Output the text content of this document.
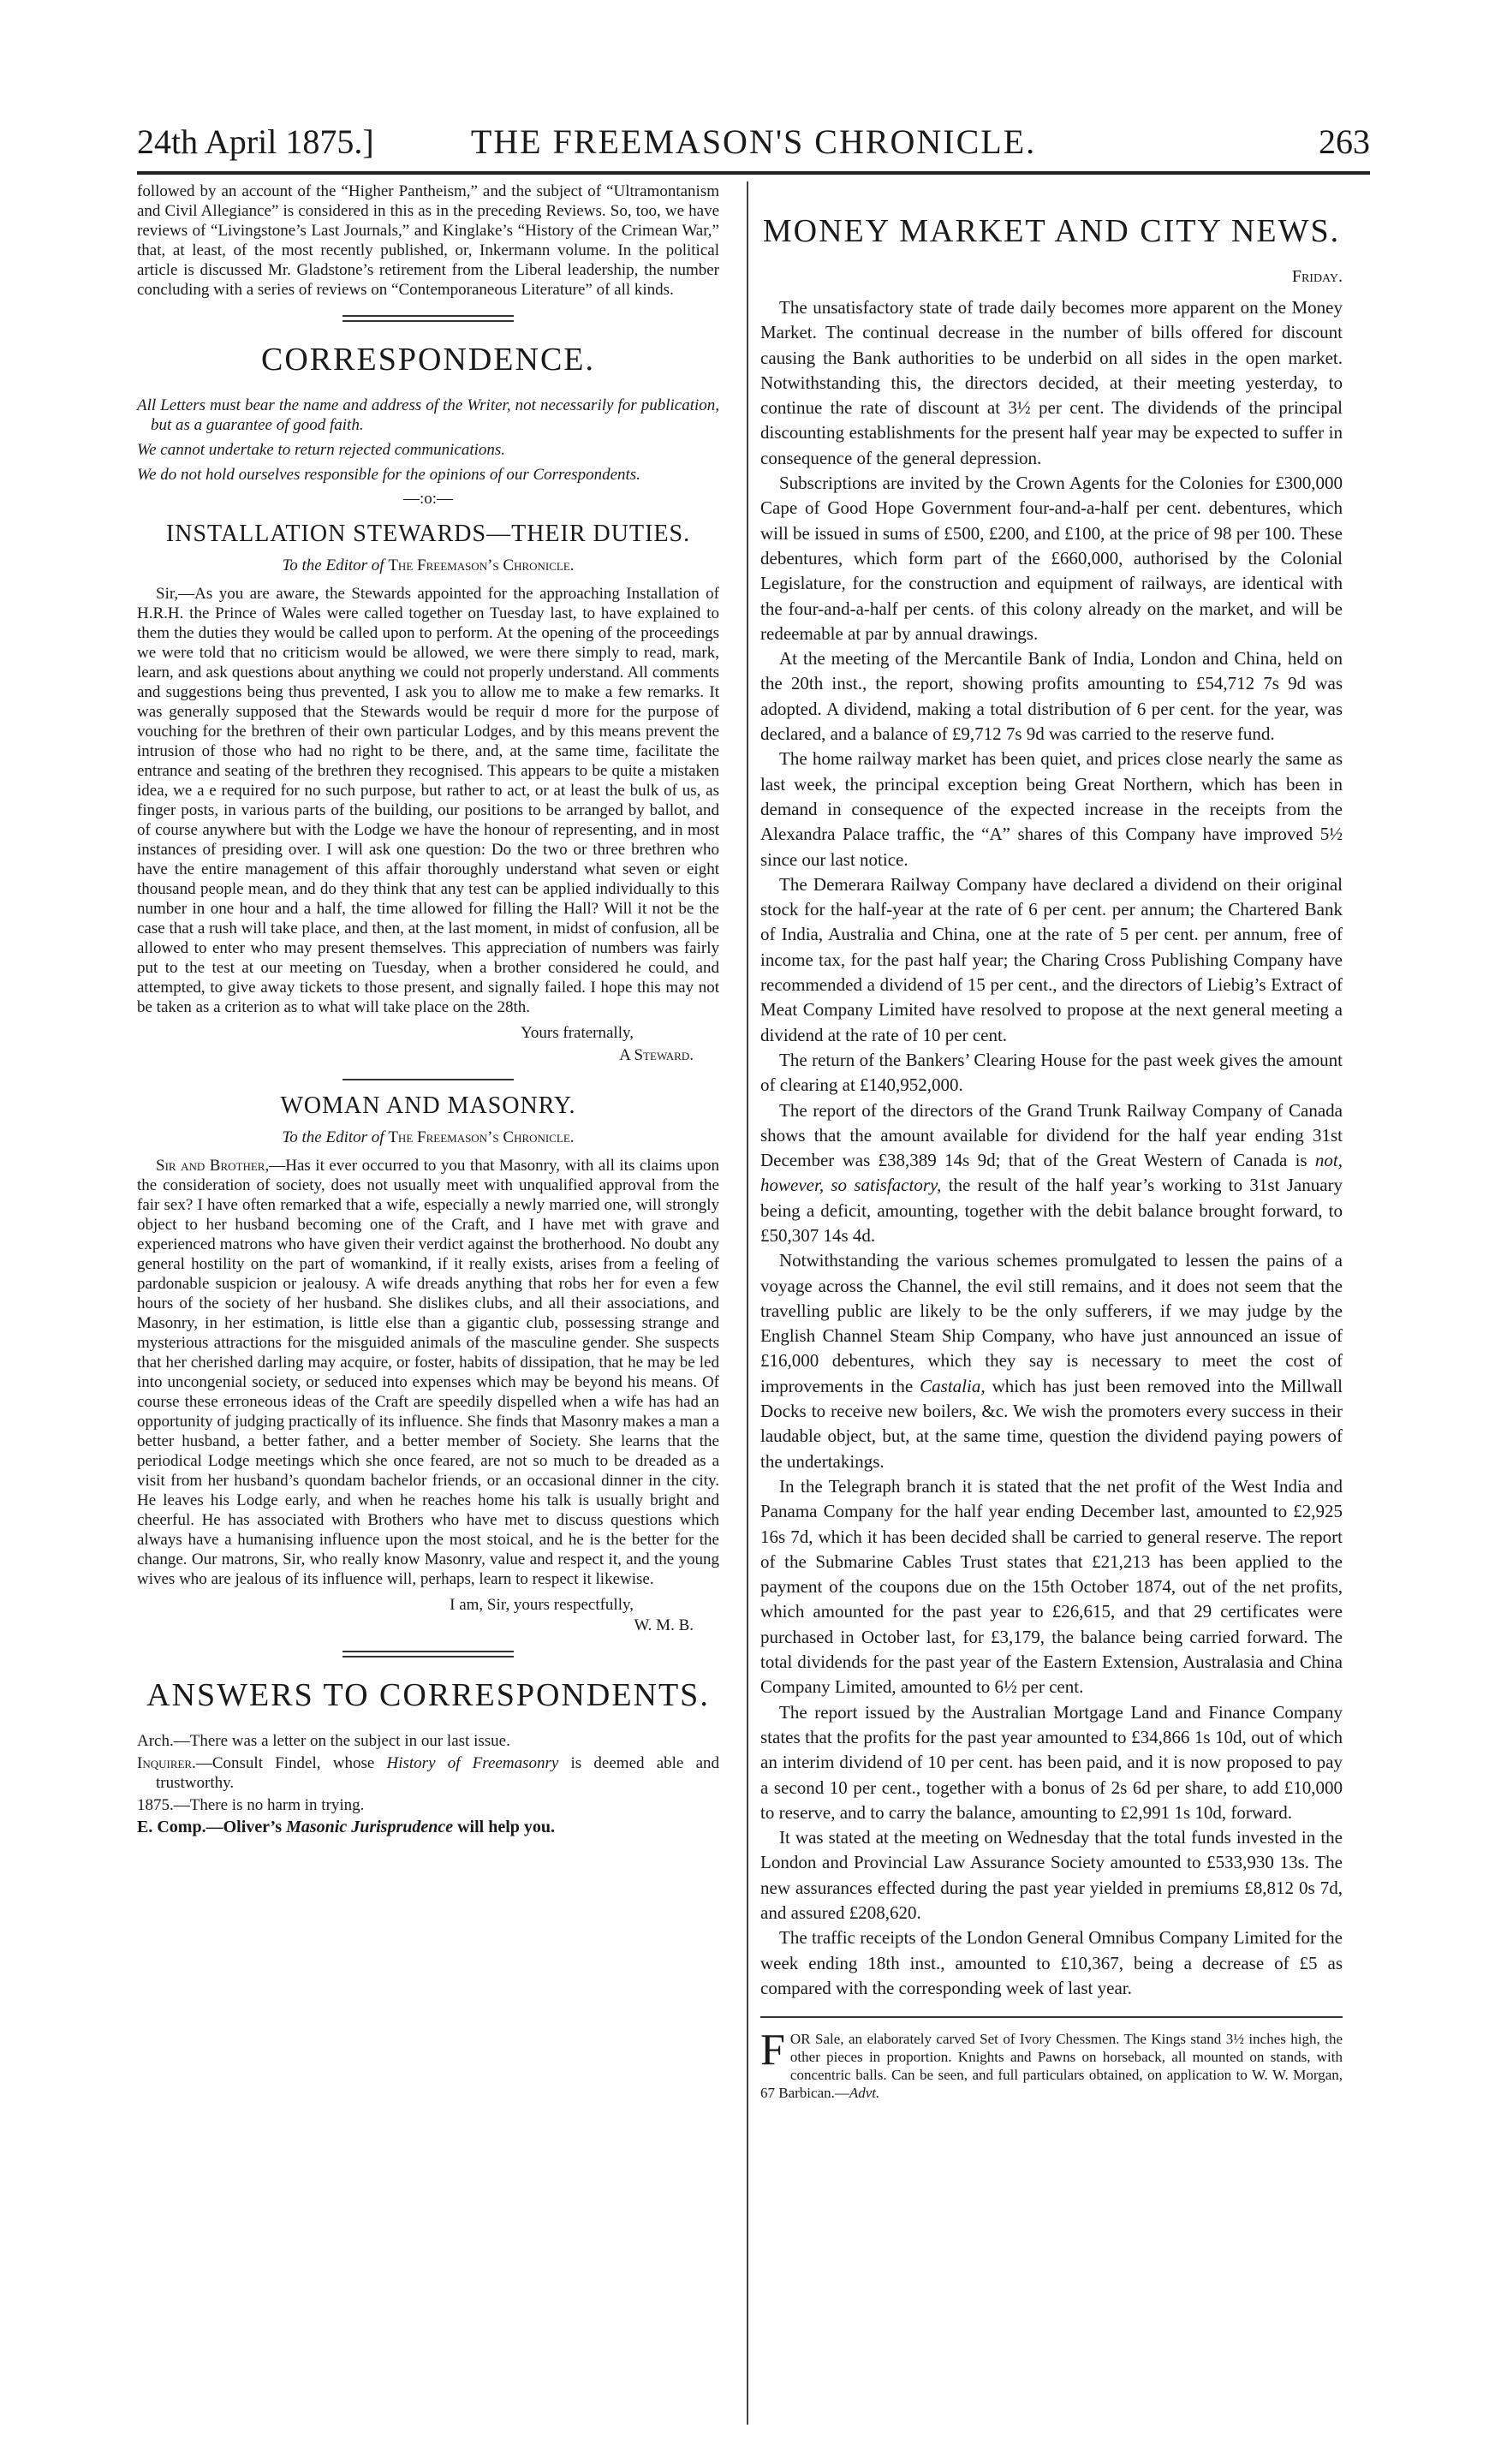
24th April 1875.]	THE FREEMASON'S CHRONICLE.	263

followed by an account of the “Higher Pantheism,” and the subject of “Ultramontanism and Civil Allegiance” is considered in this as in the preceding Reviews. So, too, we have reviews of “Livingstone’s Last Journals,” and Kinglake’s “History of the Crimean War,” that, at least, of the most recently published, or, Inkermann volume. In the political article is discussed Mr. Gladstone’s retirement from the Liberal leadership, the number concluding with a series of reviews on “Contemporaneous Literature” of all kinds.

CORRESPONDENCE.

All Letters must bear the name and address of the Writer, not necessarily for publication, but as a guarantee of good faith.

We cannot undertake to return rejected communications.

We do not hold ourselves responsible for the opinions of our Correspondents.

—:o:—
INSTALLATION STEWARDS—THEIR DUTIES.
To the Editor of The Freemason’s Chronicle.

Sir,—As you are aware, the Stewards appointed for the approaching Installation of H.R.H. the Prince of Wales were called together on Tuesday last, to have explained to them the duties they would be called upon to perform. At the opening of the proceedings we were told that no criticism would be allowed, we were there simply to read, mark, learn, and ask questions about anything we could not properly understand. All comments and suggestions being thus prevented, I ask you to allow me to make a few remarks. It was generally supposed that the Stewards would be requir d more for the purpose of vouching for the brethren of their own particular Lodges, and by this means prevent the intrusion of those who had no right to be there, and, at the same time, facilitate the entrance and seating of the brethren they recognised. This appears to be quite a mistaken idea, we a e required for no such purpose, but rather to act, or at least the bulk of us, as finger posts, in various parts of the building, our positions to be arranged by ballot, and of course anywhere but with the Lodge we have the honour of representing, and in most instances of presiding over. I will ask one question: Do the two or three brethren who have the entire management of this affair thoroughly understand what seven or eight thousand people mean, and do they think that any test can be applied individually to this number in one hour and a half, the time allowed for filling the Hall? Will it not be the case that a rush will take place, and then, at the last moment, in midst of confusion, all be allowed to enter who may present themselves. This appreciation of numbers was fairly put to the test at our meeting on Tuesday, when a brother considered he could, and attempted, to give away tickets to those present, and signally failed. I hope this may not be taken as a criterion as to what will take place on the 28th.

Yours fraternally,
A Steward.
WOMAN AND MASONRY.
To the Editor of The Freemason’s Chronicle.

Sir and Brother,—Has it ever occurred to you that Masonry, with all its claims upon the consideration of society, does not usually meet with unqualified approval from the fair sex? I have often remarked that a wife, especially a newly married one, will strongly object to her husband becoming one of the Craft, and I have met with grave and experienced matrons who have given their verdict against the brotherhood. No doubt any general hostility on the part of womankind, if it really exists, arises from a feeling of pardonable suspicion or jealousy. A wife dreads anything that robs her for even a few hours of the society of her husband. She dislikes clubs, and all their associations, and Masonry, in her estimation, is little else than a gigantic club, possessing strange and mysterious attractions for the misguided animals of the masculine gender. She suspects that her cherished darling may acquire, or foster, habits of dissipation, that he may be led into uncongenial society, or seduced into expenses which may be beyond his means. Of course these erroneous ideas of the Craft are speedily dispelled when a wife has had an opportunity of judging practically of its influence. She finds that Masonry makes a man a better husband, a better father, and a better member of Society. She learns that the periodical Lodge meetings which she once feared, are not so much to be dreaded as a visit from her husband’s quondam bachelor friends, or an occasional dinner in the city. He leaves his Lodge early, and when he reaches home his talk is usually bright and cheerful. He has associated with Brothers who have met to discuss questions which always have a humanising influence upon the most stoical, and he is the better for the change. Our matrons, Sir, who really know Masonry, value and respect it, and the young wives who are jealous of its influence will, perhaps, learn to respect it likewise.

I am, Sir, yours respectfully,
W. M. B.
ANSWERS TO CORRESPONDENTS.

Arch.—There was a letter on the subject in our last issue.

Inquirer.—Consult Findel, whose History of Freemasonry is deemed able and trustworthy.

1875.—There is no harm in trying.

E. Comp.—Oliver’s Masonic Jurisprudence will help you.

MONEY MARKET AND CITY NEWS.
Friday.

The unsatisfactory state of trade daily becomes more apparent on the Money Market. The continual decrease in the number of bills offered for discount causing the Bank authorities to be underbid on all sides in the open market. Notwithstanding this, the directors decided, at their meeting yesterday, to continue the rate of discount at 3½ per cent. The dividends of the principal discounting establishments for the present half year may be expected to suffer in consequence of the general depression.

Subscriptions are invited by the Crown Agents for the Colonies for £300,000 Cape of Good Hope Government four-and-a-half per cent. debentures, which will be issued in sums of £500, £200, and £100, at the price of 98 per 100. These debentures, which form part of the £660,000, authorised by the Colonial Legislature, for the construction and equipment of railways, are identical with the four-and-a-half per cents. of this colony already on the market, and will be redeemable at par by annual drawings.

At the meeting of the Mercantile Bank of India, London and China, held on the 20th inst., the report, showing profits amounting to £54,712 7s 9d was adopted. A dividend, making a total distribution of 6 per cent. for the year, was declared, and a balance of £9,712 7s 9d was carried to the reserve fund.

The home railway market has been quiet, and prices close nearly the same as last week, the principal exception being Great Northern, which has been in demand in consequence of the expected increase in the receipts from the Alexandra Palace traffic, the “A” shares of this Company have improved 5½ since our last notice.

The Demerara Railway Company have declared a dividend on their original stock for the half-year at the rate of 6 per cent. per annum; the Chartered Bank of India, Australia and China, one at the rate of 5 per cent. per annum, free of income tax, for the past half year; the Charing Cross Publishing Company have recommended a dividend of 15 per cent., and the directors of Liebig’s Extract of Meat Company Limited have resolved to propose at the next general meeting a dividend at the rate of 10 per cent.

The return of the Bankers’ Clearing House for the past week gives the amount of clearing at £140,952,000.

The report of the directors of the Grand Trunk Railway Company of Canada shows that the amount available for dividend for the half year ending 31st December was £38,389 14s 9d; that of the Great Western of Canada is not, however, so satisfactory, the result of the half year’s working to 31st January being a deficit, amounting, together with the debit balance brought forward, to £50,307 14s 4d.

Notwithstanding the various schemes promulgated to lessen the pains of a voyage across the Channel, the evil still remains, and it does not seem that the travelling public are likely to be the only sufferers, if we may judge by the English Channel Steam Ship Company, who have just announced an issue of £16,000 debentures, which they say is necessary to meet the cost of improvements in the Castalia, which has just been removed into the Millwall Docks to receive new boilers, &c. We wish the promoters every success in their laudable object, but, at the same time, question the dividend paying powers of the undertakings.

In the Telegraph branch it is stated that the net profit of the West India and Panama Company for the half year ending December last, amounted to £2,925 16s 7d, which it has been decided shall be carried to general reserve. The report of the Submarine Cables Trust states that £21,213 has been applied to the payment of the coupons due on the 15th October 1874, out of the net profits, which amounted for the past year to £26,615, and that 29 certificates were purchased in October last, for £3,179, the balance being carried forward. The total dividends for the past year of the Eastern Extension, Australasia and China Company Limited, amounted to 6½ per cent.

The report issued by the Australian Mortgage Land and Finance Company states that the profits for the past year amounted to £34,866 1s 10d, out of which an interim dividend of 10 per cent. has been paid, and it is now proposed to pay a second 10 per cent., together with a bonus of 2s 6d per share, to add £10,000 to reserve, and to carry the balance, amounting to £2,991 1s 10d, forward.

It was stated at the meeting on Wednesday that the total funds invested in the London and Provincial Law Assurance Society amounted to £533,930 13s. The new assurances effected during the past year yielded in premiums £8,812 0s 7d, and assured £208,620.

The traffic receipts of the London General Omnibus Company Limited for the week ending 18th inst., amounted to £10,367, being a decrease of £5 as compared with the corresponding week of last year.

FOR Sale, an elaborately carved Set of Ivory Chessmen. The Kings stand 3½ inches high, the other pieces in proportion. Knights and Pawns on horseback, all mounted on stands, with concentric balls. Can be seen, and full particulars obtained, on application to W. W. Morgan, 67 Barbican.—Advt.
